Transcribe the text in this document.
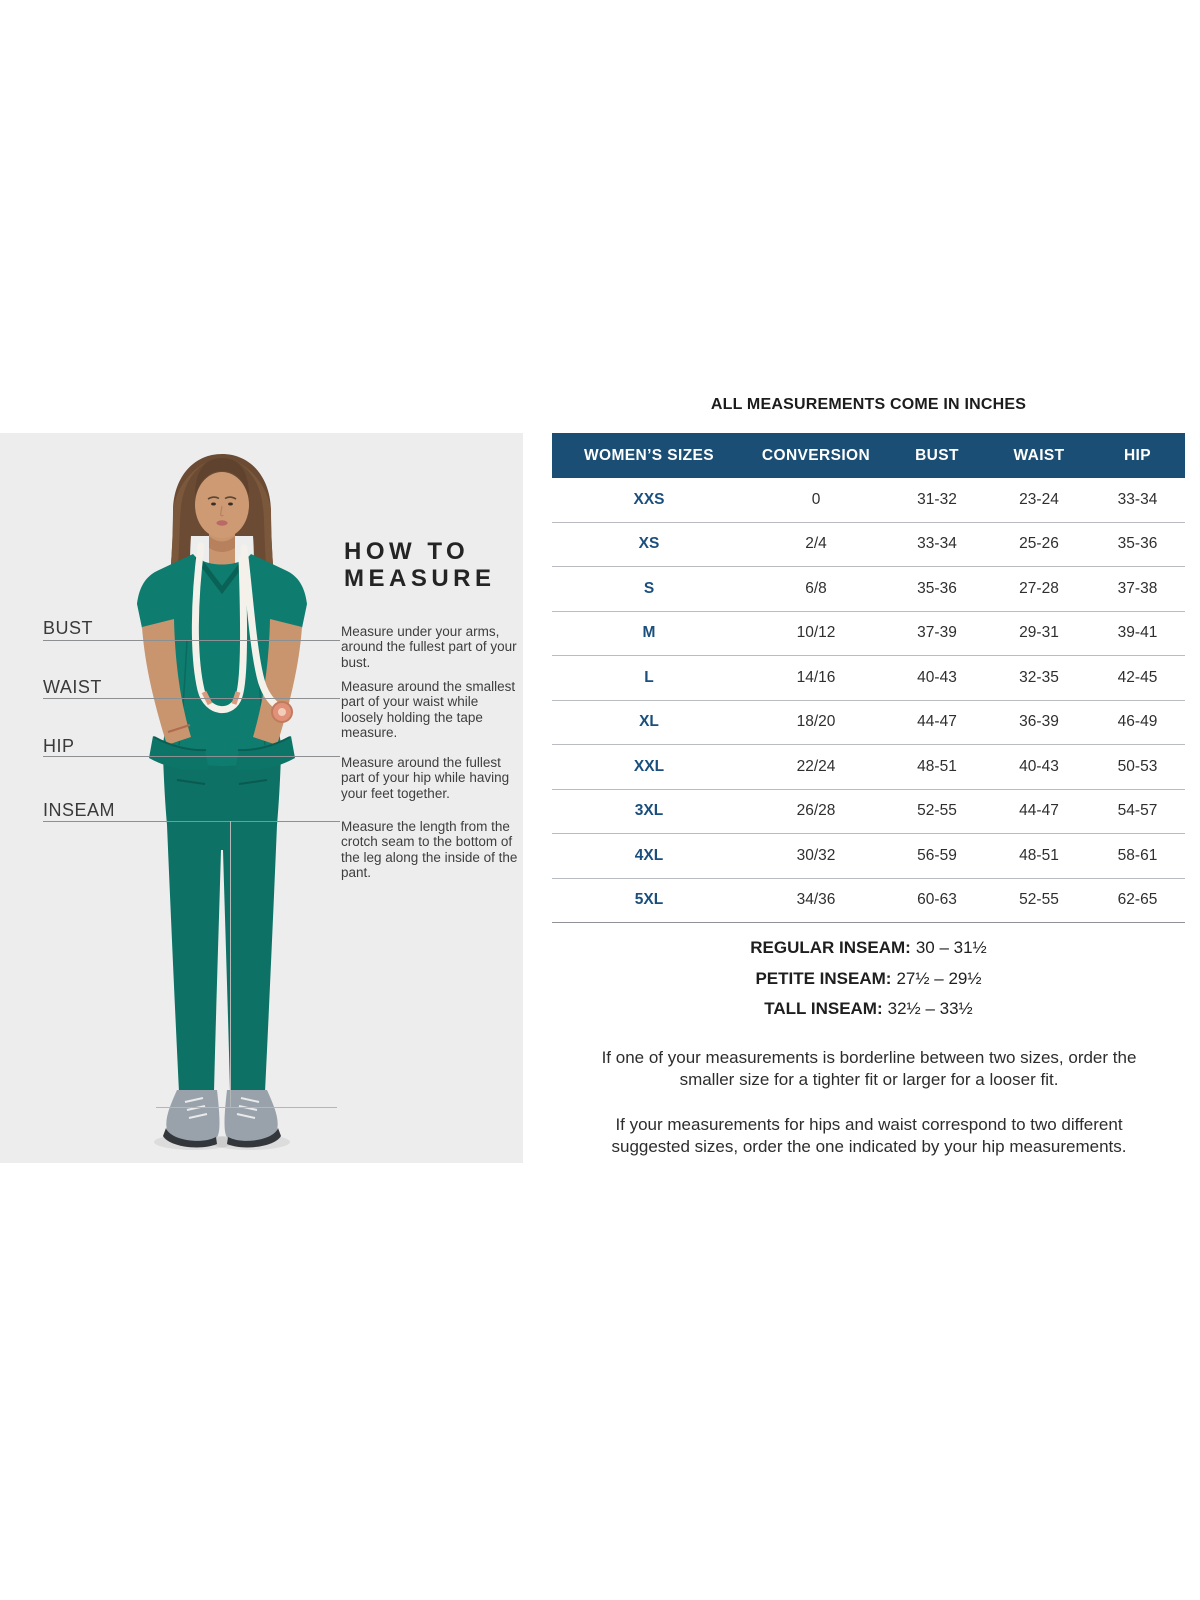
BUST
WAIST
HIP
INSEAM
HOW TO
MEASURE

Measure under your arms, around the fullest part of your bust.

Measure around the smallest part of your waist while loosely holding the tape measure.

Measure around the fullest part of your hip while having your feet together.

Measure the length from the crotch seam to the bottom of the leg along the inside of the pant.

ALL MEASUREMENTS COME IN INCHES
WOMEN’S SIZES	CONVERSION	BUST	WAIST	HIP
XXS	0	31-32	23-24	33-34
XS	2/4	33-34	25-26	35-36
S	6/8	35-36	27-28	37-38
M	10/12	37-39	29-31	39-41
L	14/16	40-43	32-35	42-45
XL	18/20	44-47	36-39	46-49
XXL	22/24	48-51	40-43	50-53
3XL	26/28	52-55	44-47	54-57
4XL	30/32	56-59	48-51	58-61
5XL	34/36	60-63	52-55	62-65
REGULAR INSEAM: 30 – 31½
PETITE INSEAM: 27½ – 29½
TALL INSEAM: 32½ – 33½

If one of your measurements is borderline between two sizes, order the smaller size for a tighter fit or larger for a looser fit.

If your measurements for hips and waist correspond to two different suggested sizes, order the one indicated by your hip measurements.
